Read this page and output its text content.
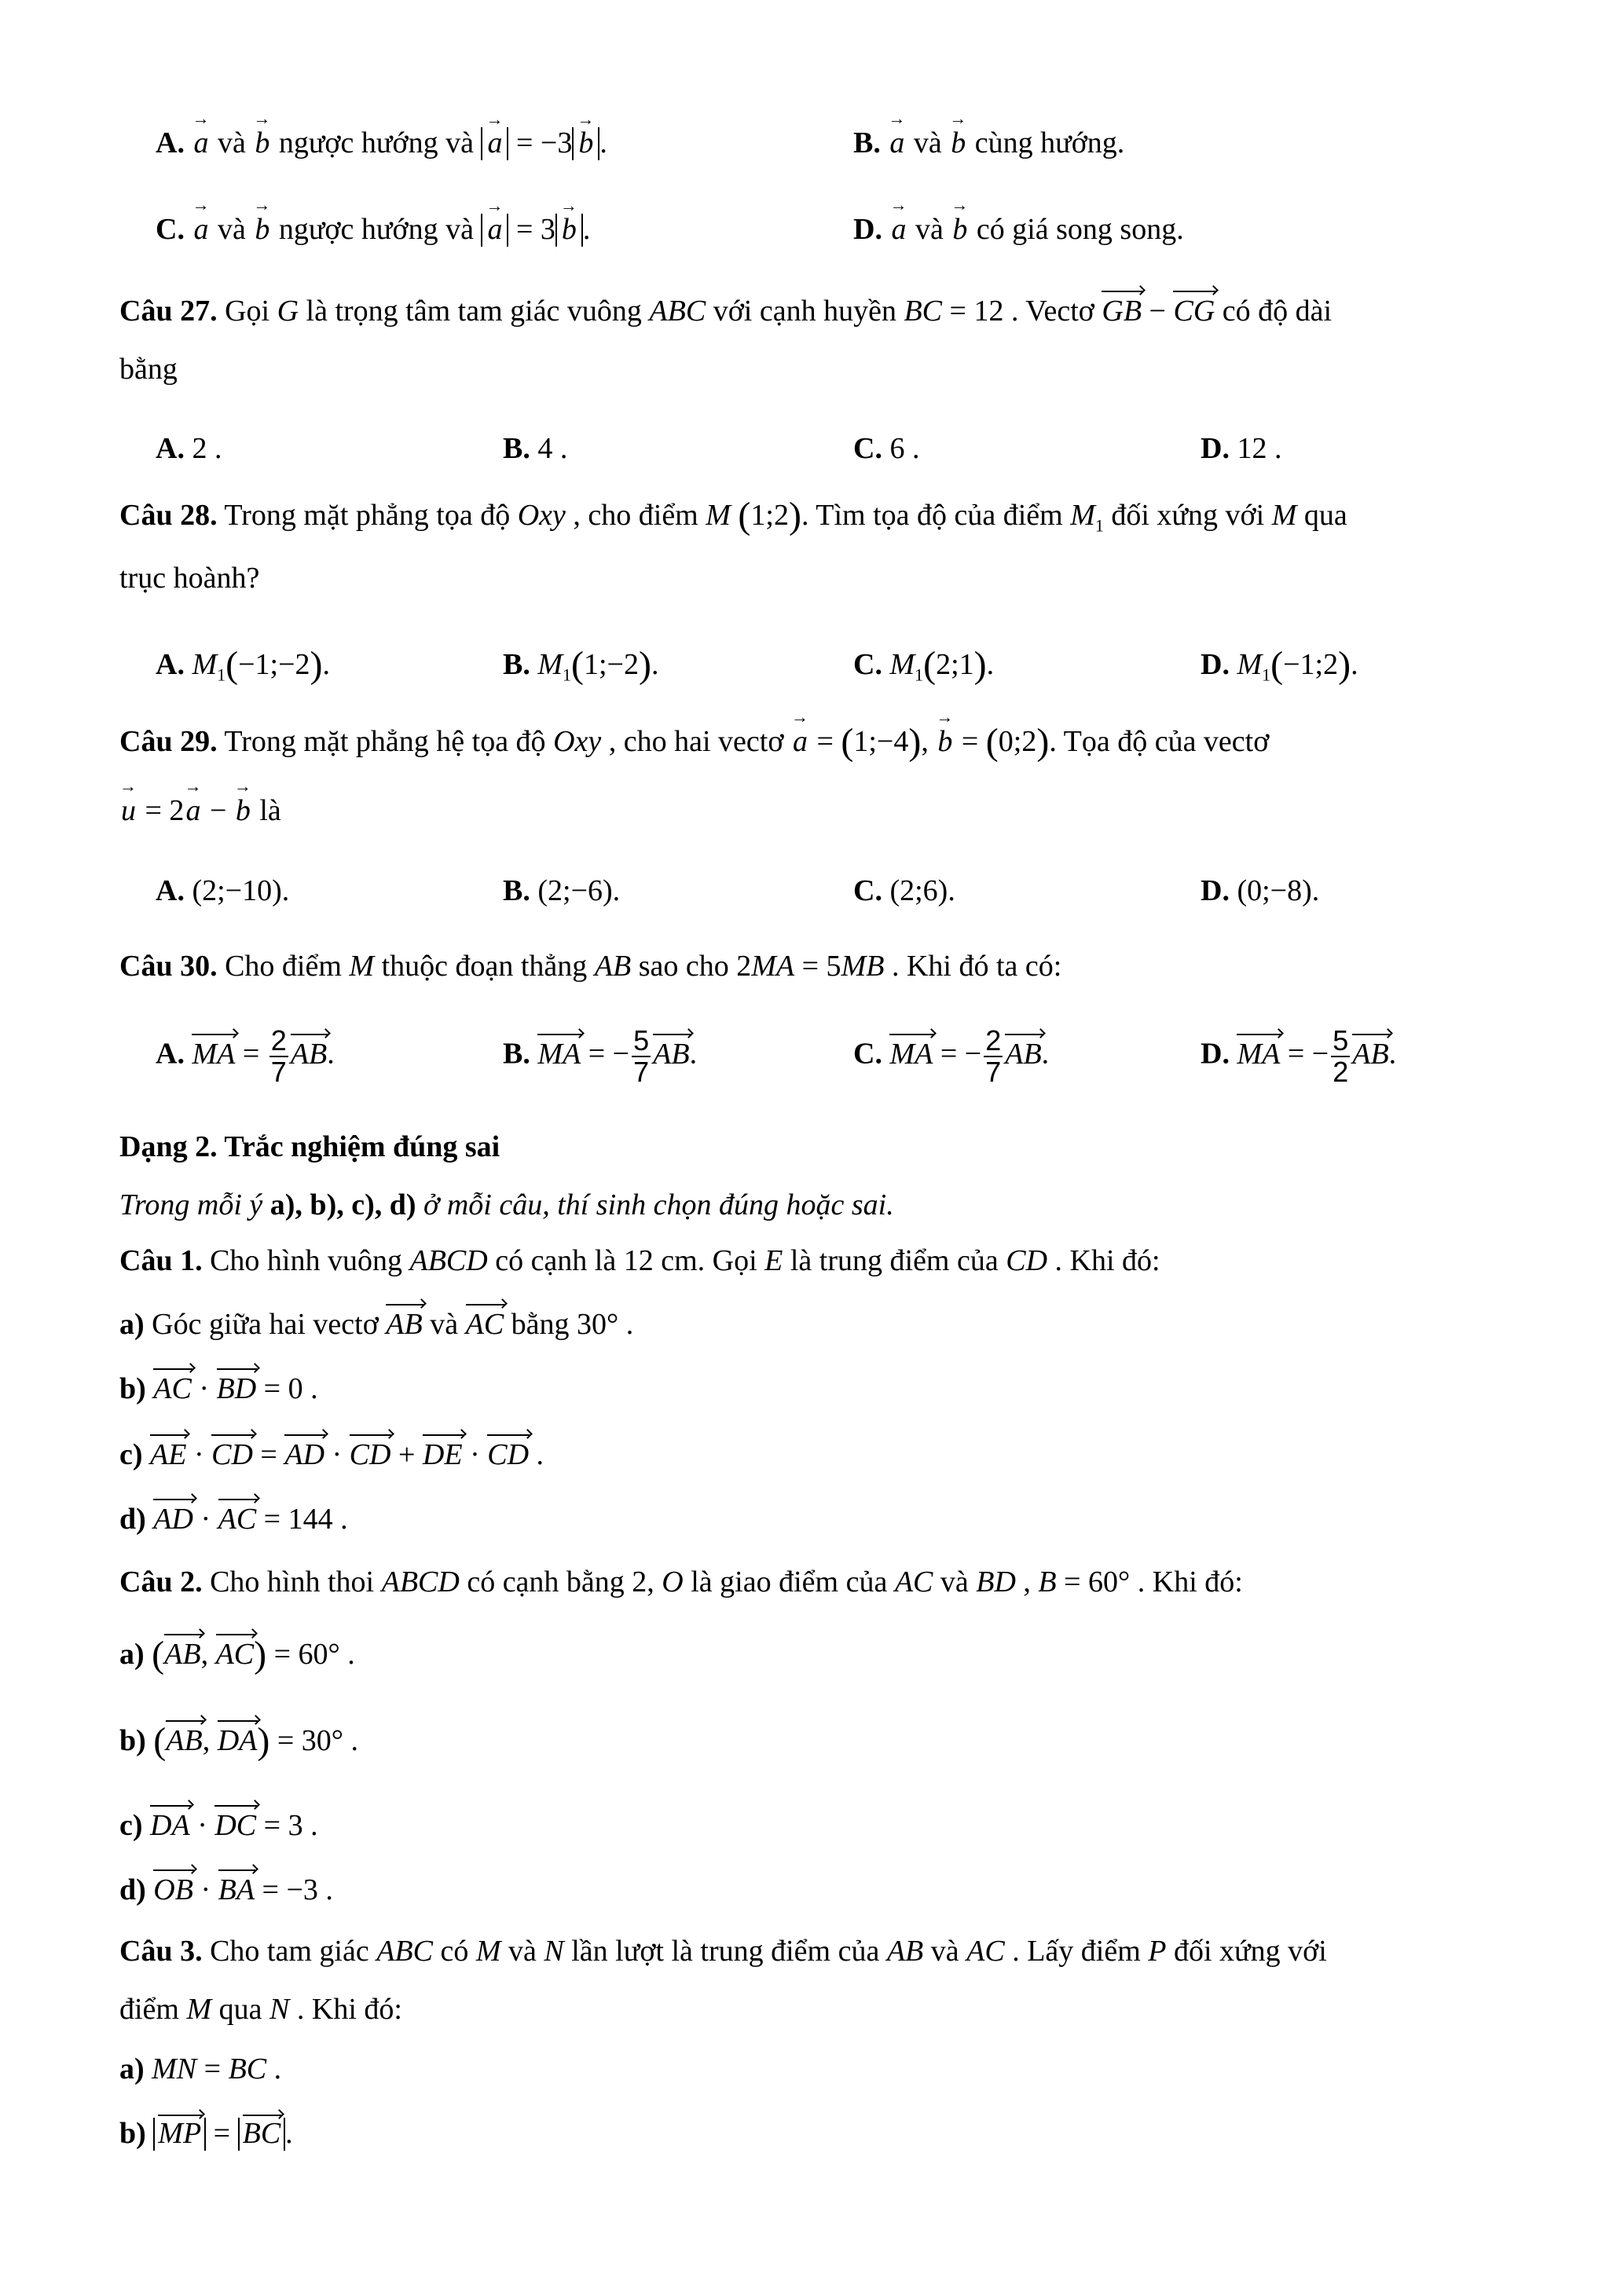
A. → a và → b ngược hướng và → a = −3 → b .	B. → a và → b cùng hướng.
C. → a và → b ngược hướng và → a = 3 → b .	D. → a và → b có giá song song.
Câu 27. Gọi G là trọng tâm tam giác vuông ABC với cạnh huyền BC = 12 . Vectơ GB − CG có độ dài
bằng
A. 2 .	B. 4 .	C. 6 .	D. 12 .
Câu 28. Trong mặt phẳng tọa độ Oxy , cho điểm M (1;2). Tìm tọa độ của điểm $M_1$ đối xứng với M qua
trục hoành?
A. $M_1(-1;-2)$.	B. $M_1(1;-2)$.	C. $M_1(2;1)$.	D. $M_1(-1;2)$.
Câu 29. Trong mặt phẳng hệ tọa độ Oxy , cho hai vectơ → a = (1;−4), → b = (0;2). Tọa độ của vectơ
→ u = 2→ a − → b là
A. (2;−10).	B. (2;−6).	C. (2;6).	D. (0;−8).
Câu 30. Cho điểm M thuộc đoạn thẳng AB sao cho 2MA = 5MB . Khi đó ta có:
A. MA = $\frac{2}{7}$ AB.	B. MA = − $\frac{5}{7}$ AB.	C. MA = − $\frac{2}{7}$ AB.	D. MA = − $\frac{5}{2}$ AB.
Dạng 2. Trắc nghiệm đúng sai
Trong mỗi ý a), b), c), d) ở mỗi câu, thí sinh chọn đúng hoặc sai.
Câu 1. Cho hình vuông ABCD có cạnh là 12 cm. Gọi E là trung điểm của CD . Khi đó:
a) Góc giữa hai vectơ AB và AC bằng 30° .
b) AC · BD = 0 .
c) AE · CD = AD · CD + DE · CD .
d) AD · AC = 144 .
Câu 2. Cho hình thoi ABCD có cạnh bằng 2, O là giao điểm của AC và BD , B = 60° . Khi đó:
a) (AB, AC) = 60° .
b) (AB, DA) = 30° .
c) DA · DC = 3 .
d) OB · BA = −3 .
Câu 3. Cho tam giác ABC có M và N lần lượt là trung điểm của AB và AC . Lấy điểm P đối xứng với
điểm M qua N . Khi đó:
a) MN = BC .
b) MP = BC .
